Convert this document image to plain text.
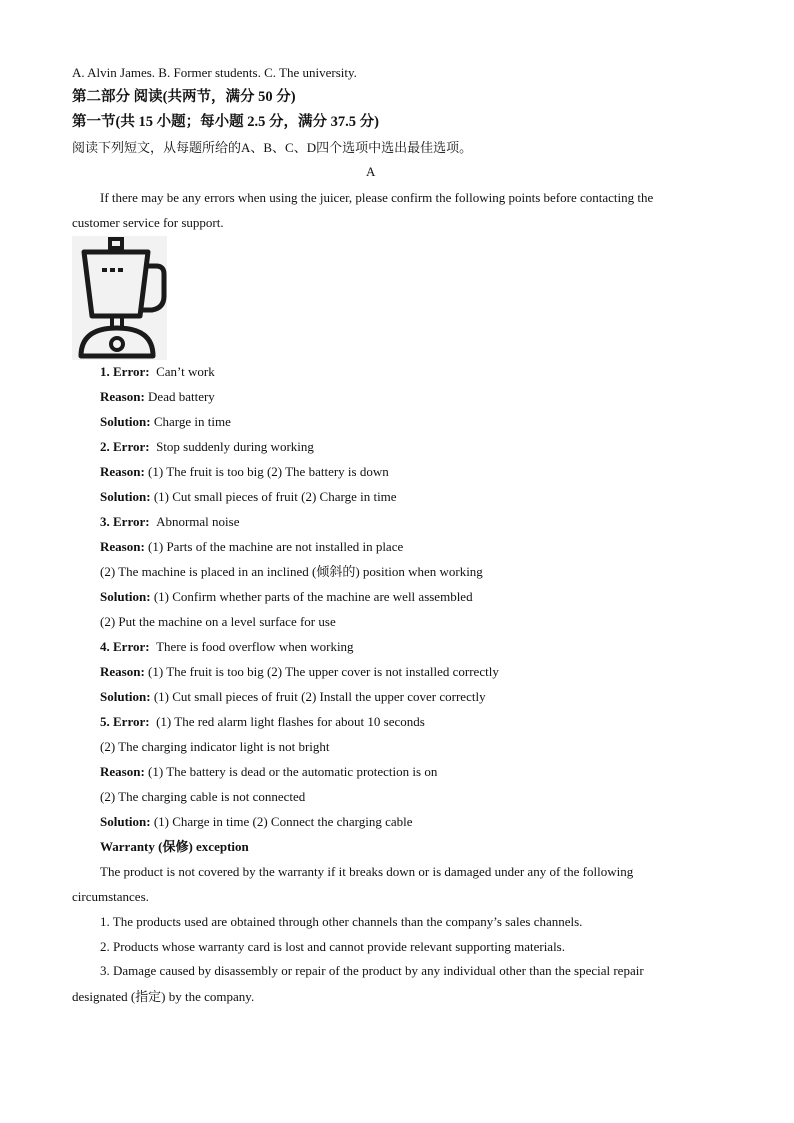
A. Alvin James. B. Former students. C. The university.
第二部分 阅读(共两节，满分 50 分)
第一节(共 15 小题；每小题 2.5 分，满分 37.5 分)
阅读下列短文，从每题所给的A、B、C、D四个选项中选出最佳选项。
A
If there may be any errors when using the juicer, please confirm the following points before contacting the
customer service for support.
1. Error: Can’t work
Reason: Dead battery
Solution: Charge in time
2. Error: Stop suddenly during working
Reason: (1) The fruit is too big (2) The battery is down
Solution: (1) Cut small pieces of fruit (2) Charge in time
3. Error: Abnormal noise
Reason: (1) Parts of the machine are not installed in place
(2) The machine is placed in an inclined (倾斜的) position when working
Solution: (1) Confirm whether parts of the machine are well assembled
(2) Put the machine on a level surface for use
4. Error: There is food overflow when working
Reason: (1) The fruit is too big (2) The upper cover is not installed correctly
Solution: (1) Cut small pieces of fruit (2) Install the upper cover correctly
5. Error: (1) The red alarm light flashes for about 10 seconds
(2) The charging indicator light is not bright
Reason: (1) The battery is dead or the automatic protection is on
(2) The charging cable is not connected
Solution: (1) Charge in time (2) Connect the charging cable
Warranty (保修) exception
The product is not covered by the warranty if it breaks down or is damaged under any of the following
circumstances.
1. The products used are obtained through other channels than the company’s sales channels.
2. Products whose warranty card is lost and cannot provide relevant supporting materials.
3. Damage caused by disassembly or repair of the product by any individual other than the special repair
designated (指定) by the company.
